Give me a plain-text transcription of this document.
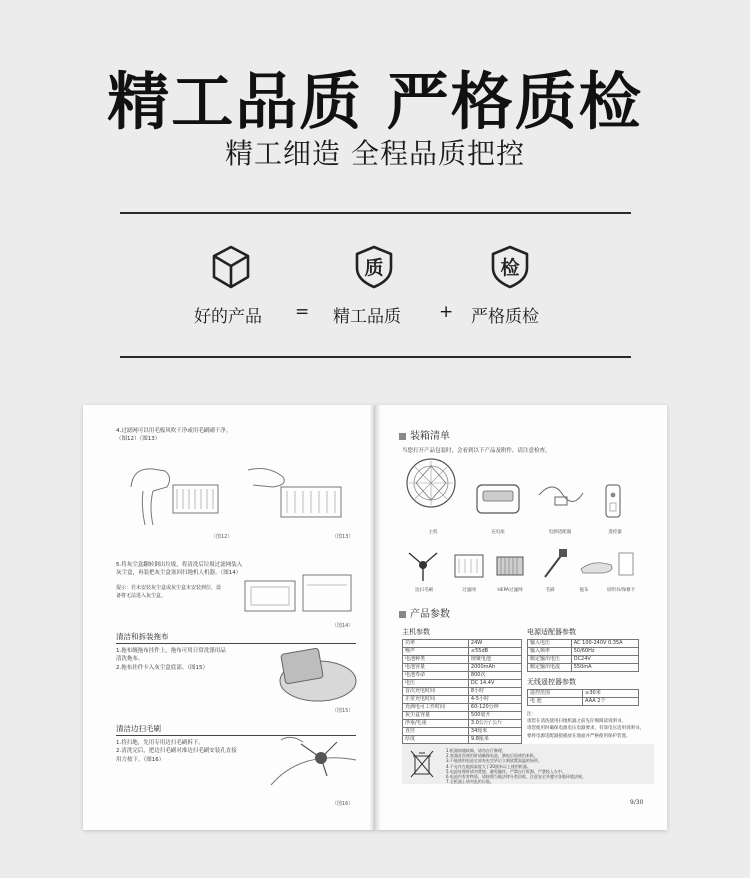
精工品质 严格质检
精工细造 全程品质把控
质	检
好的产品 = 精工品质 + 严格质检
4.过滤网可以用毛板风吹干净或用毛刷刷干净。
（图12）（图13）
（图12）	（图13）
5.将灰尘盒翻转倒出垃圾，将清洗后垃圾过滤网装入
灰尘盒，再装把灰尘盒塞回扫地机人机器。（图14）
提示：若未安装灰尘盒或灰尘盒未安装到位，设
备将无法进入灰尘盒。
（图14）
清洁和拆装拖布
1.拖布缠拖布挂件上，拖布可用日常洗涤用品
清洗拖布。
2.拖布挂件卡入灰尘盒底部。（图15）
（图15）
清洁边扫毛刷
1.将扫地，先用专用边扫毛刷拆下。
2.清洗完后，把边扫毛刷对准边扫毛刷安装孔直接
用力按下。（图16）
（图16）
装箱清单
当您打开产品包装时，会看到以下产品及附件，请注意检查。
主机	充电座	电源适配器	遥控器
边扫毛刷	过滤网	HEPA过滤网	毛刷	拖布	说明书/保修卡
产品参数
主机参数
功率	24W
噪声	≤55dB
电池种类	锂聚电池
电池容量	2000mAh
电池寿命	800次
电压	DC 14.4V
首次充电时间	8小时
正常充电时间	4-5小时
充满电可工作时间	60-120分钟
灰尘盒容量	500毫升
净重/毛重	3.0公斤/ 公斤
直径	34厘米
厚度	9.8厘米
电源适配器参数
输入电压	AC 100-240V 0.35A
输入频率	50/60Hz
额定输出电压	DC24V
额定输出电流	550mA
无线遥控器参数
遥控范围	≥30米
电 池	AAA 2个
注：
请您在清洗使用扫地机器之前先仔细阅读说明书，
请您使用时确保电源电压电器要求，有效电压适用说明书。
要将电源适配器接插放在地面并严格使用保护装置。
1.机器如遇故障，请勿自行修理，
2.容器首次使用时请确保电池，满电后再使用本机。
3.不能使用电池全部充电完毕后立刻放置高温的场所。
4.不允许在地面高度大于20厘米以上使用机器。
5.电池处理时请勿焚烧，避免爆炸，严禁自行拆卸，严禁投入火中。
6.电池内有害物质，请按照当地法律分类回收，注意安全并遵守各地环境法规。
7.全机器上请勿乱扔垃圾。
9/30
